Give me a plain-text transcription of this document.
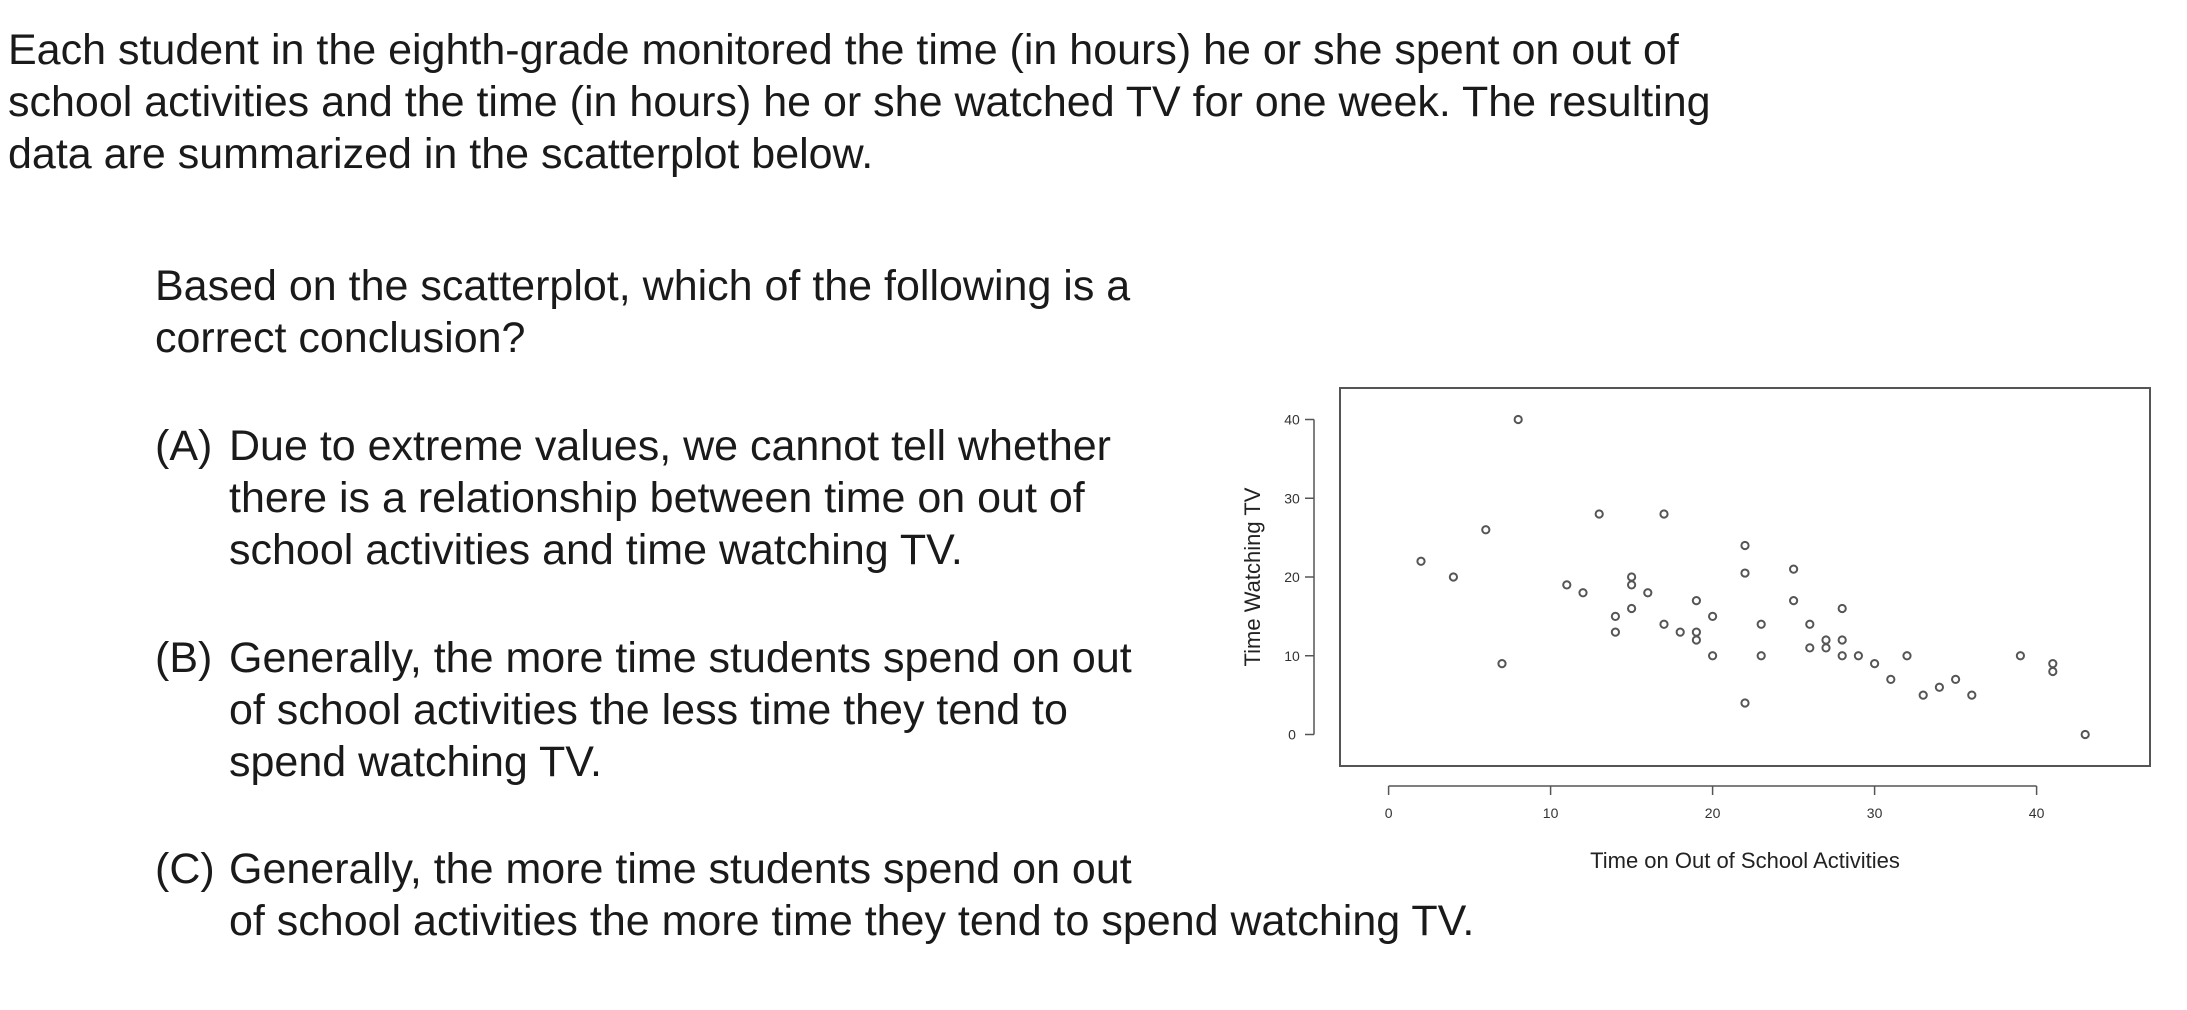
Each student in the eighth-grade monitored the time (in hours) he or she spent on out of
school activities and the time (in hours) he or she watched TV for one week. The resulting
data are summarized in the scatterplot below.
Based on the scatterplot, which of the following is a
correct conclusion?
(A) Due to extreme values, we cannot tell whether
there is a relationship between time on out of
school activities and time watching TV.
(B) Generally, the more time students spend on out
of school activities the less time they tend to
spend watching TV.
(C) Generally, the more time students spend on out
of school activities the more time they tend to spend watching TV.
0	10	20	30	40
0
10
20
30
40
Time on Out of School Activities
Time Watching TV
